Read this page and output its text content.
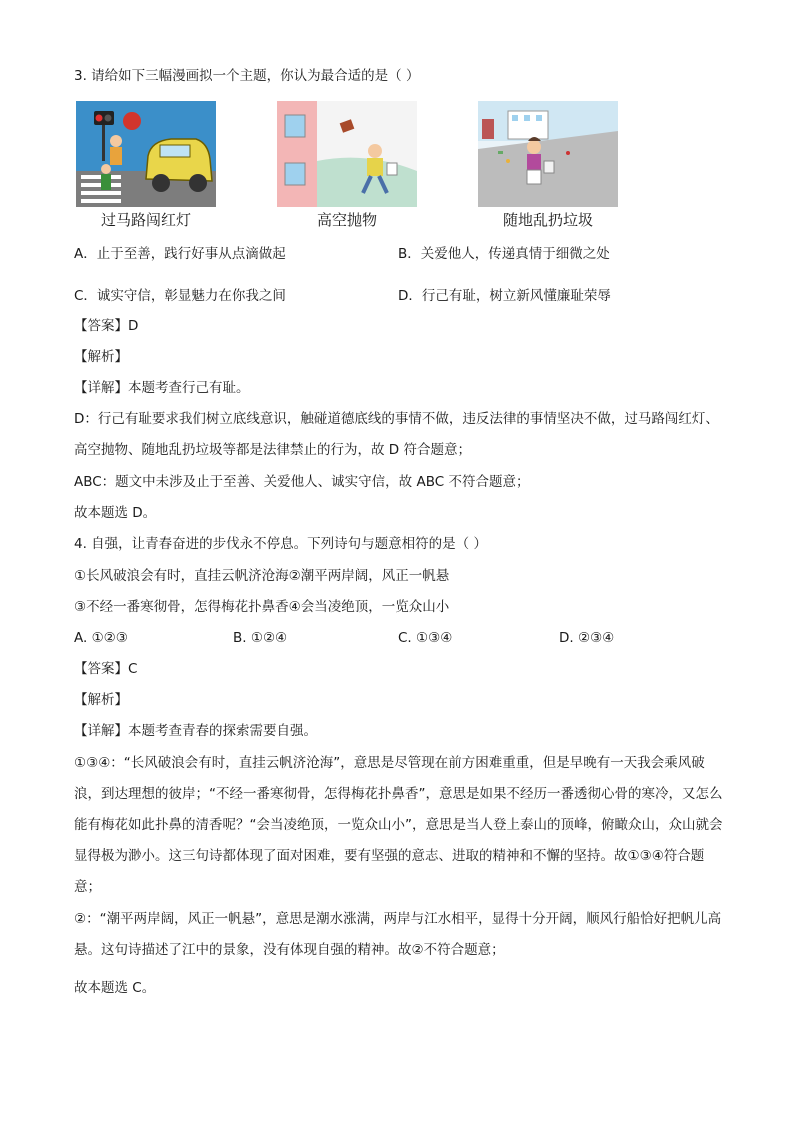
3. 请给如下三幅漫画拟一个主题，你认为最合适的是（ ）
过马路闯红灯	高空抛物	随地乱扔垃圾
A．止于至善，践行好事从点滴做起	B．关爱他人，传递真情于细微之处
C．诚实守信，彰显魅力在你我之间	D．行己有耻，树立新风懂廉耻荣辱
【答案】D
【解析】
【详解】本题考查行己有耻。
D：行己有耻要求我们树立底线意识，触碰道德底线的事情不做，违反法律的事情坚决不做，过马路闯红灯、高空抛物、随地乱扔垃圾等都是法律禁止的行为，故 D 符合题意；
ABC：题文中未涉及止于至善、关爱他人、诚实守信，故 ABC 不符合题意；
故本题选 D。
4. 自强，让青春奋进的步伐永不停息。下列诗句与题意相符的是（ ）
①长风破浪会有时，直挂云帆济沧海②潮平两岸阔，风正一帆悬
③不经一番寒彻骨，怎得梅花扑鼻香④会当凌绝顶，一览众山小
A. ①②③	B. ①②④	C. ①③④	D. ②③④
【答案】C
【解析】
【详解】本题考查青春的探索需要自强。
①③④：“长风破浪会有时，直挂云帆济沧海”，意思是尽管现在前方困难重重，但是早晚有一天我会乘风破浪，到达理想的彼岸；“不经一番寒彻骨，怎得梅花扑鼻香”，意思是如果不经历一番透彻心骨的寒冷，又怎么能有梅花如此扑鼻的清香呢？“会当凌绝顶，一览众山小”，意思是当人登上泰山的顶峰，俯瞰众山，众山就会显得极为渺小。这三句诗都体现了面对困难，要有坚强的意志、进取的精神和不懈的坚持。故①③④符合题意；
②：“潮平两岸阔，风正一帆悬”，意思是潮水涨满，两岸与江水相平，显得十分开阔，顺风行船恰好把帆儿高悬。这句诗描述了江中的景象，没有体现自强的精神。故②不符合题意；
故本题选 C。
